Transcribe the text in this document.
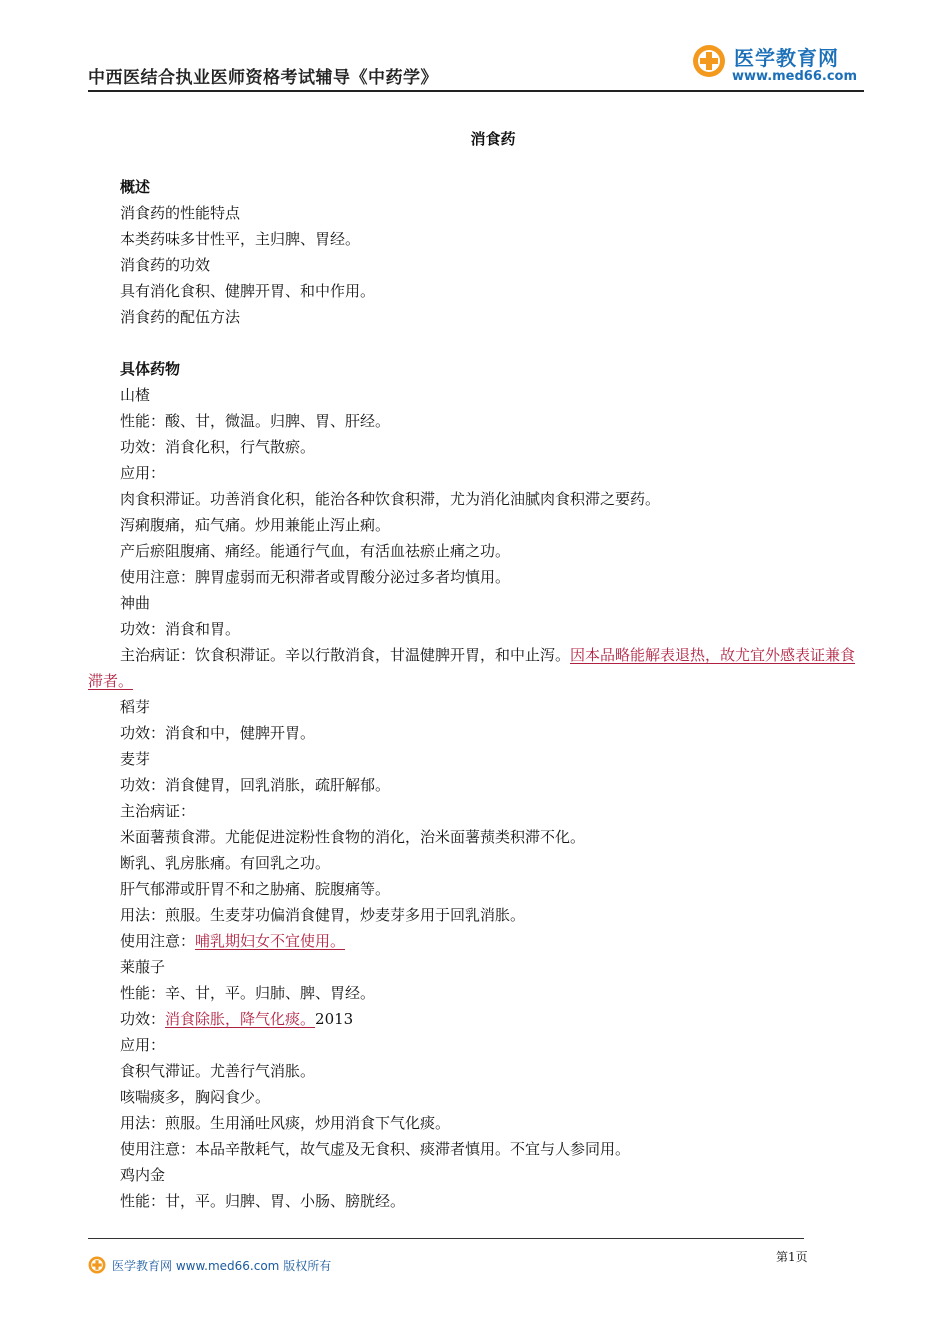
中西医结合执业医师资格考试辅导《中药学》
医学教育网
www.med66.com
消食药
概述
消食药的性能特点
本类药味多甘性平，主归脾、胃经。
消食药的功效
具有消化食积、健脾开胃、和中作用。
消食药的配伍方法
具体药物
山楂
性能：酸、甘，微温。归脾、胃、肝经。
功效：消食化积，行气散瘀。
应用：
肉食积滞证。功善消食化积，能治各种饮食积滞，尤为消化油腻肉食积滞之要药。
泻痢腹痛，疝气痛。炒用兼能止泻止痢。
产后瘀阻腹痛、痛经。能通行气血，有活血祛瘀止痛之功。
使用注意：脾胃虚弱而无积滞者或胃酸分泌过多者均慎用。
神曲
功效：消食和胃。
主治病证：饮食积滞证。辛以行散消食，甘温健脾开胃，和中止泻。因本品略能解表退热，故尤宜外感表证兼食滞者。
稻芽
功效：消食和中，健脾开胃。
麦芽
功效：消食健胃，回乳消胀，疏肝解郁。
主治病证：
米面薯蓣食滞。尤能促进淀粉性食物的消化，治米面薯蓣类积滞不化。
断乳、乳房胀痛。有回乳之功。
肝气郁滞或肝胃不和之胁痛、脘腹痛等。
用法：煎服。生麦芽功偏消食健胃，炒麦芽多用于回乳消胀。
使用注意：哺乳期妇女不宜使用。
莱菔子
性能：辛、甘，平。归肺、脾、胃经。
功效：消食除胀，降气化痰。2013
应用：
食积气滞证。尤善行气消胀。
咳喘痰多，胸闷食少。
用法：煎服。生用涌吐风痰，炒用消食下气化痰。
使用注意：本品辛散耗气，故气虚及无食积、痰滞者慎用。不宜与人参同用。
鸡内金
性能：甘，平。归脾、胃、小肠、膀胱经。
医学教育网 www.med66.com 版权所有
第1页
